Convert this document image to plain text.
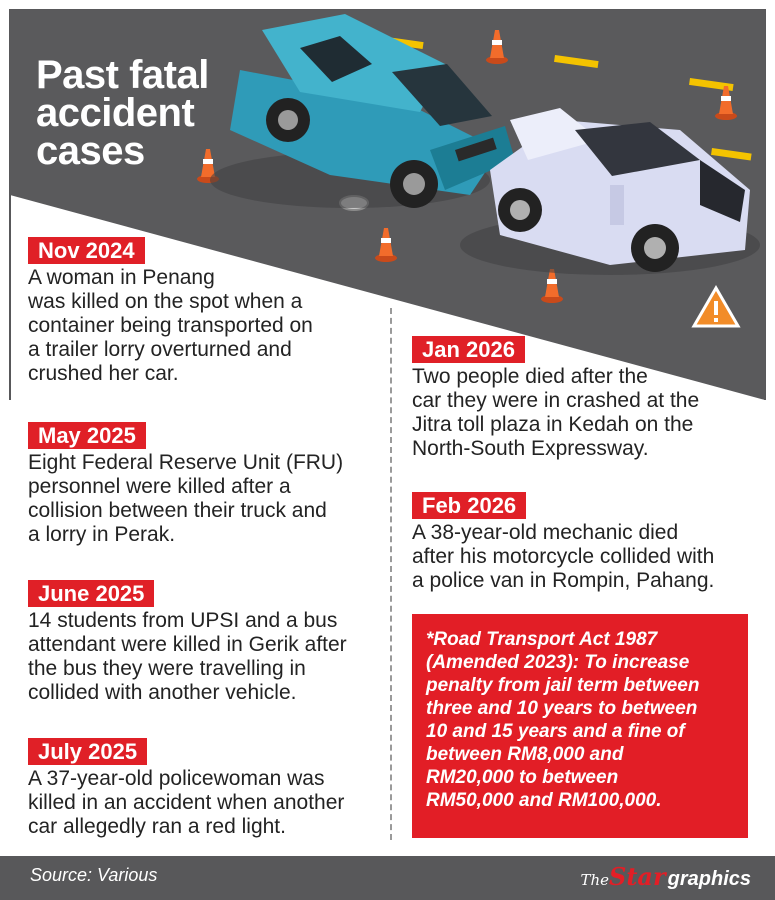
Past fatal
accident
cases
Nov 2024

A woman in Penang
was killed on the spot when a
container being transported on
a trailer lorry overturned and
crushed her car.

May 2025

Eight Federal Reserve Unit (FRU)
personnel were killed after a
collision between their truck and
a lorry in Perak.

June 2025

14 students from UPSI and a bus
attendant were killed in Gerik after
the bus they were travelling in
collided with another vehicle.

July 2025

A 37-year-old policewoman was
killed in an accident when another
car allegedly ran a red light.

Jan 2026

Two people died after the
car they were in crashed at the
Jitra toll plaza in Kedah on the
North-South Expressway.

Feb 2026

A 38-year-old mechanic died
after his motorcycle collided with
a police van in Rompin, Pahang.

*Road Transport Act 1987
(Amended 2023): To increase
penalty from jail term between
three and 10 years to between
10 and 15 years and a fine of
between RM8,000 and
RM20,000 to between
RM50,000 and RM100,000.
Source: Various	The Star graphics
